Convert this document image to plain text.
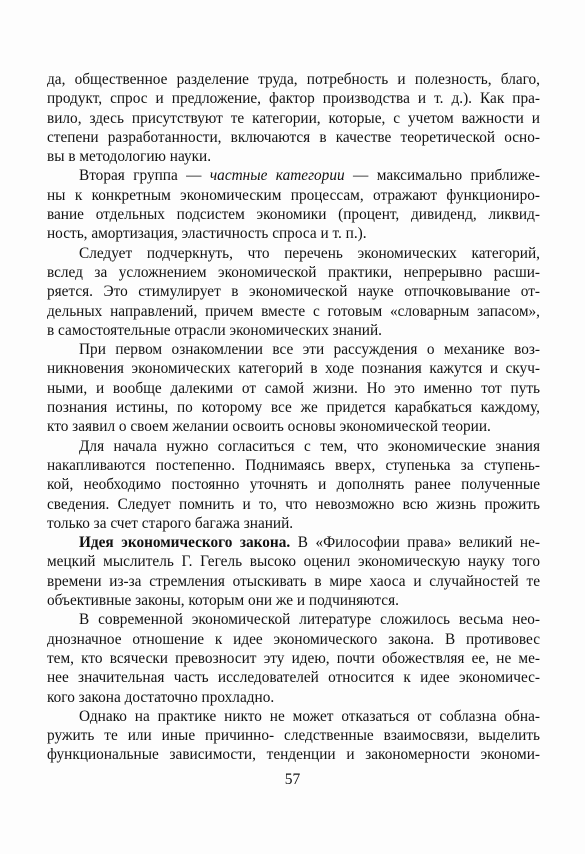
да, общественное разделение труда, потребность и полезность, благо,
продукт, спрос и предложение, фактор производства и т. д.). Как пра-
вило, здесь присутствуют те категории, которые, с учетом важности и
степени разработанности, включаются в качестве теоретической осно-
вы в методологию науки.
Вторая группа — частные категории — максимально приближе-
ны к конкретным экономическим процессам, отражают функциониро-
вание отдельных подсистем экономики (процент, дивиденд, ликвид-
ность, амортизация, эластичность спроса и т. п.).
Следует подчеркнуть, что перечень экономических категорий,
вслед за усложнением экономической практики, непрерывно расши-
ряется. Это стимулирует в экономической науке отпочковывание от-
дельных направлений, причем вместе с готовым «словарным запасом»,
в самостоятельные отрасли экономических знаний.
При первом ознакомлении все эти рассуждения о механике воз-
никновения экономических категорий в ходе познания кажутся и скуч-
ными, и вообще далекими от самой жизни. Но это именно тот путь
познания истины, по которому все же придется карабкаться каждому,
кто заявил о своем желании освоить основы экономической теории.
Для начала нужно согласиться с тем, что экономические знания
накапливаются постепенно. Поднимаясь вверх, ступенька за ступень-
кой, необходимо постоянно уточнять и дополнять ранее полученные
сведения. Следует помнить и то, что невозможно всю жизнь прожить
только за счет старого багажа знаний.
Идея экономического закона. В «Философии права» великий не-
мецкий мыслитель Г. Гегель высоко оценил экономическую науку того
времени из-за стремления отыскивать в мире хаоса и случайностей те
объективные законы, которым они же и подчиняются.
В современной экономической литературе сложилось весьма нео-
днозначное отношение к идее экономического закона. В противовес
тем, кто всячески превозносит эту идею, почти обожествляя ее, не ме-
нее значительная часть исследователей относится к идее экономичес-
кого закона достаточно прохладно.
Однако на практике никто не может отказаться от соблазна обна-
ружить те или иные причинно- следственные взаимосвязи, выделить
функциональные зависимости, тенденции и закономерности экономи-
57
